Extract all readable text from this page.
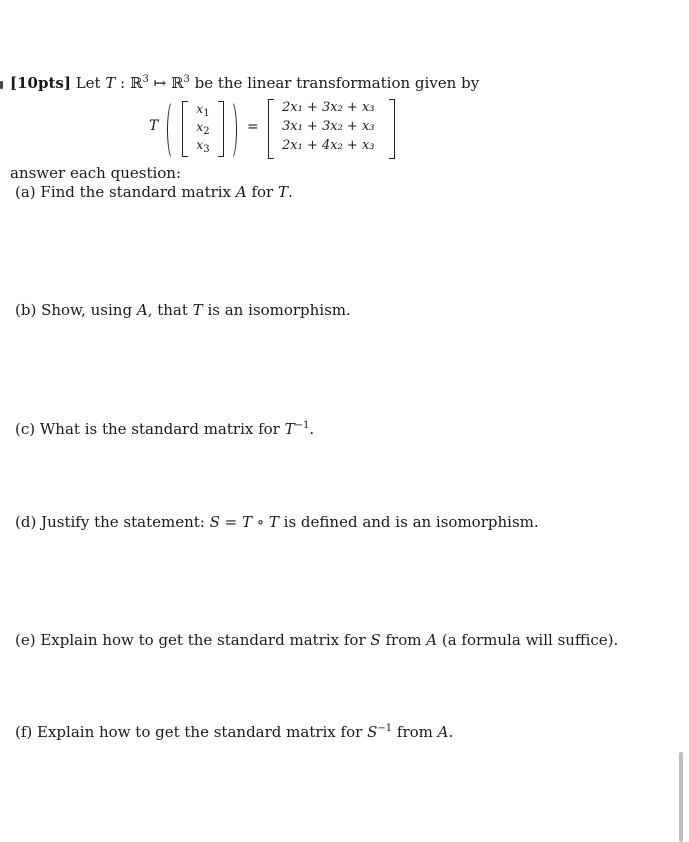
[10pts] Let T : ℝ$^3$ ↦ ℝ$^3$ be the linear transformation given by
T
$x_1$
$x_2$
$x_3$
=
2x₁ + 3x₂ + x₃
3x₁ + 3x₂ + x₃
2x₁ + 4x₂ + x₃
answer each question:
(a) Find the standard matrix A for T.
(b) Show, using A, that T is an isomorphism.
(c) What is the standard matrix for $T^{-1}$.
(d) Justify the statement: S = T ∘ T is defined and is an isomorphism.
(e) Explain how to get the standard matrix for S from A (a formula will suffice).
(f) Explain how to get the standard matrix for $S^{-1}$ from A.
